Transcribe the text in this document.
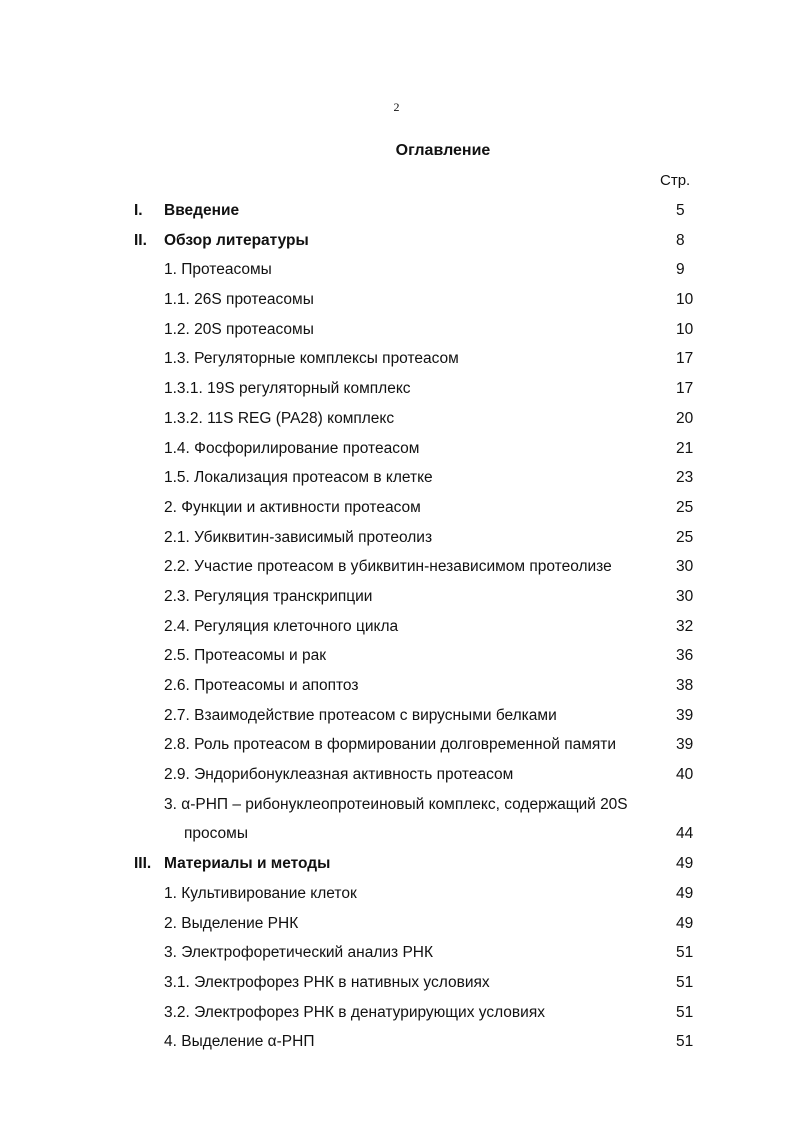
2
Оглавление
Стр.
I. Введение	5
II. Обзор литературы	8
1. Протеасомы	9
1.1. 26S протеасомы	10
1.2. 20S протеасомы	10
1.3. Регуляторные комплексы протеасом	17
1.3.1. 19S регуляторный комплекс	17
1.3.2. 11S REG (PA28) комплекс	20
1.4. Фосфорилирование протеасом	21
1.5. Локализация протеасом в клетке	23
2. Функции и активности протеасом	25
2.1. Убиквитин-зависимый протеолиз	25
2.2. Участие протеасом в убиквитин-независимом протеолизе	30
2.3. Регуляция транскрипции	30
2.4. Регуляция клеточного цикла	32
2.5. Протеасомы и рак	36
2.6. Протеасомы и апоптоз	38
2.7. Взаимодействие протеасом с вирусными белками	39
2.8. Роль протеасом в формировании долговременной памяти	39
2.9. Эндорибонуклеазная активность протеасом	40
3. α-РНП – рибонуклеопротеиновый комплекс, содержащий 20S
просомы	44
III. Материалы и методы	49
1. Культивирование клеток	49
2. Выделение РНК	49
3. Электрофоретический анализ РНК	51
3.1. Электрофорез РНК в нативных условиях	51
3.2. Электрофорез РНК в денатурирующих условиях	51
4. Выделение α-РНП	51
